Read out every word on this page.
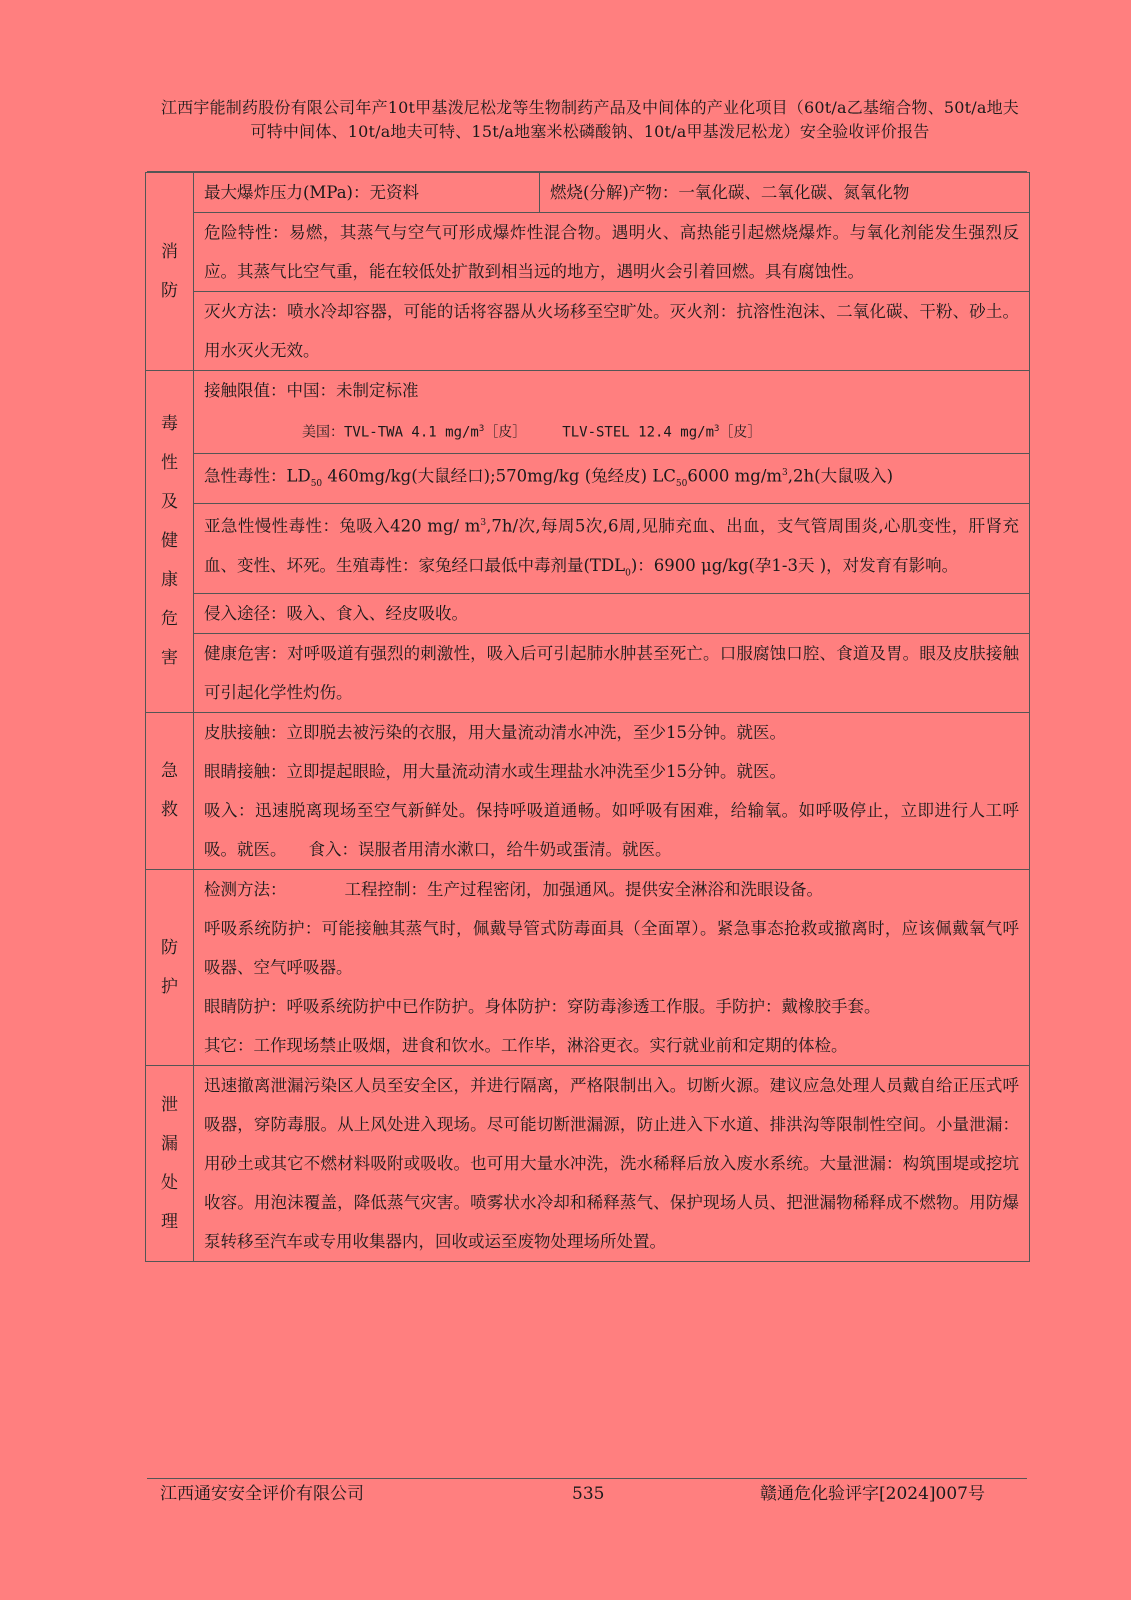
江西宇能制药股份有限公司年产10t甲基泼尼松龙等生物制药产品及中间体的产业化项目（60t/a乙基缩合物、50t/a地夫可特中间体、10t/a地夫可特、15t/a地塞米松磷酸钠、10t/a甲基泼尼松龙）安全验收评价报告
消防	最大爆炸压力(MPa)：无资料	燃烧(分解)产物：一氧化碳、二氧化碳、氮氧化物

	危险特性：易燃，其蒸气与空气可形成爆炸性混合物。遇明火、高热能引起燃烧爆炸。与氧化剂能发生强烈反应。其蒸气比空气重，能在较低处扩散到相当远的地方，遇明火会引着回燃。具有腐蚀性。	

	灭火方法：喷水冷却容器，可能的话将容器从火场移至空旷处。灭火剂：抗溶性泡沫、二氧化碳、干粉、砂土。用水灭火无效。	

毒性及健康危害	接触限值：中国：未制定标准

美国：TVL-TWA 4.1 $mg/m^3[$皮］ TLV-STEL 12.4 $mg/m^3[$皮］	

	急性毒性：$LD_{50}$ 460mg/kg(大鼠经口);570mg/kg (兔经皮) $LC_{50}6000$ $mg/m^3,2h$(大鼠吸入)	

	亚急性慢性毒性：兔吸入420 mg/ $m^3,7h/$次,每周5次,6周,见肺充血、出血，支气管周围炎,心肌变性，肝肾充血、变性、坏死。生殖毒性：家兔经口最低中毒剂量$(TDL_0)$：6900 μg/kg(孕1-3天 )，对发育有影响。	

	侵入途径：吸入、食入、经皮吸收。	

	健康危害：对呼吸道有强烈的刺激性，吸入后可引起肺水肿甚至死亡。口服腐蚀口腔、食道及胃。眼及皮肤接触可引起化学性灼伤。	

急救	皮肤接触：立即脱去被污染的衣服，用大量流动清水冲洗，至少15分钟。就医。

眼睛接触：立即提起眼睑，用大量流动清水或生理盐水冲洗至少15分钟。就医。

吸入：迅速脱离现场至空气新鲜处。保持呼吸道通畅。如呼吸有困难，给输氧。如呼吸停止，立即进行人工呼吸。就医。 食入：误服者用清水漱口，给牛奶或蛋清。就医。	

防护	检测方法： 工程控制：生产过程密闭，加强通风。提供安全淋浴和洗眼设备。

呼吸系统防护：可能接触其蒸气时，佩戴导管式防毒面具（全面罩）。紧急事态抢救或撤离时，应该佩戴氧气呼吸器、空气呼吸器。

眼睛防护：呼吸系统防护中已作防护。身体防护：穿防毒渗透工作服。手防护：戴橡胶手套。

其它：工作现场禁止吸烟，进食和饮水。工作毕，淋浴更衣。实行就业前和定期的体检。	

泄漏处理	迅速撤离泄漏污染区人员至安全区，并进行隔离，严格限制出入。切断火源。建议应急处理人员戴自给正压式呼吸器，穿防毒服。从上风处进入现场。尽可能切断泄漏源，防止进入下水道、排洪沟等限制性空间。小量泄漏：用砂土或其它不燃材料吸附或吸收。也可用大量水冲洗，洗水稀释后放入废水系统。大量泄漏：构筑围堤或挖坑收容。用泡沫覆盖，降低蒸气灾害。喷雾状水冷却和稀释蒸气、保护现场人员、把泄漏物稀释成不燃物。用防爆泵转移至汽车或专用收集器内，回收或运至废物处理场所处置。	

江西通安安全评价有限公司	535	赣通危化验评字[2024]007号
